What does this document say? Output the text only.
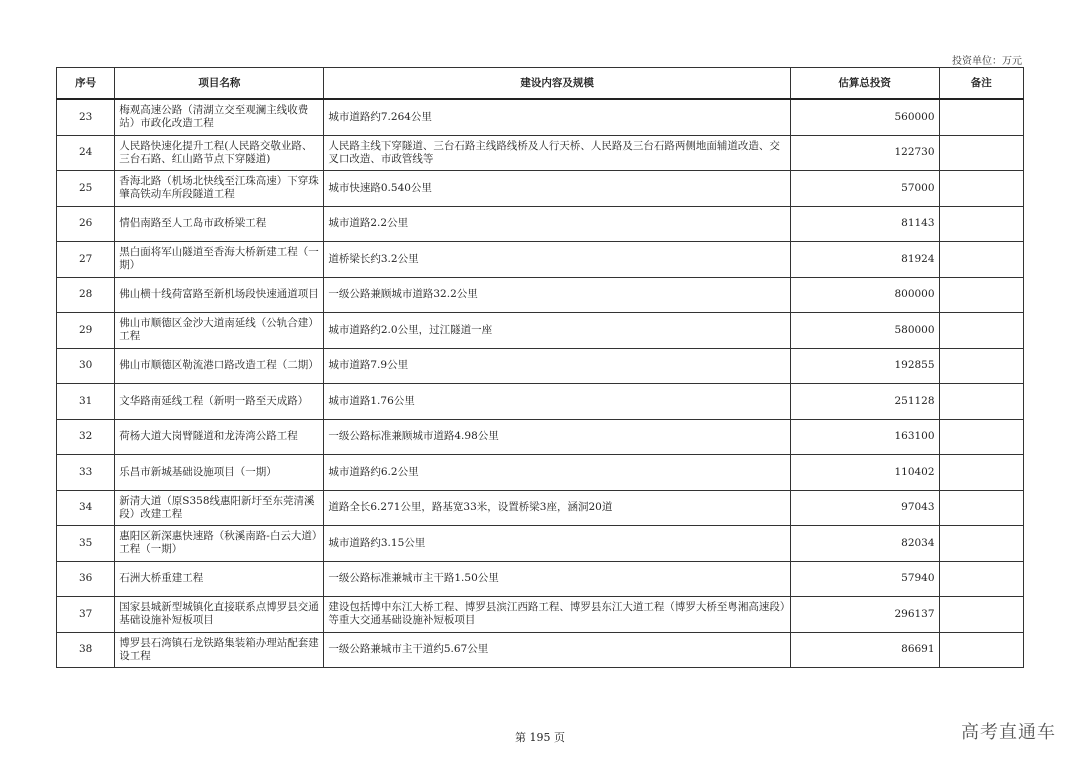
投资单位：万元
序号	项目名称	建设内容及规模	估算总投资	备注
23	梅观高速公路（清湖立交至观澜主线收费站）市政化改造工程	城市道路约7.264公里	560000	
24	人民路快速化提升工程(人民路交敬业路、三台石路、红山路节点下穿隧道)	人民路主线下穿隧道、三台石路主线路线桥及人行天桥、人民路及三台石路两侧地面辅道改造、交叉口改造、市政管线等	122730	
25	香海北路（机场北快线至江珠高速）下穿珠肇高铁动车所段隧道工程	城市快速路0.540公里	57000	
26	情侣南路至人工岛市政桥梁工程	城市道路2.2公里	81143	
27	黑白面将军山隧道至香海大桥新建工程（一期）	道桥梁长约3.2公里	81924	
28	佛山横十线荷富路至新机场段快速通道项目	一级公路兼顾城市道路32.2公里	800000	
29	佛山市顺德区金沙大道南延线（公轨合建）工程	城市道路约2.0公里，过江隧道一座	580000	
30	佛山市顺德区勒流港口路改造工程（二期）	城市道路7.9公里	192855	
31	文华路南延线工程（新明一路至天成路）	城市道路1.76公里	251128	
32	荷杨大道大岗臂隧道和龙涛湾公路工程	一级公路标准兼顾城市道路4.98公里	163100	
33	乐昌市新城基础设施项目（一期）	城市道路约6.2公里	110402	
34	新清大道（原S358线惠阳新圩至东莞清溪段）改建工程	道路全长6.271公里，路基宽33米，设置桥梁3座，涵洞20道	97043	
35	惠阳区新深惠快速路（秋溪南路-白云大道）工程（一期）	城市道路约3.15公里	82034	
36	石洲大桥重建工程	一级公路标准兼城市主干路1.50公里	57940	
37	国家县城新型城镇化直接联系点博罗县交通基础设施补短板项目	建设包括博中东江大桥工程、博罗县滨江西路工程、博罗县东江大道工程（博罗大桥至粤湘高速段）等重大交通基础设施补短板项目	296137	
38	博罗县石湾镇石龙铁路集装箱办理站配套建设工程	一级公路兼城市主干道约5.67公里	86691	
第 195 页	高考直通车
